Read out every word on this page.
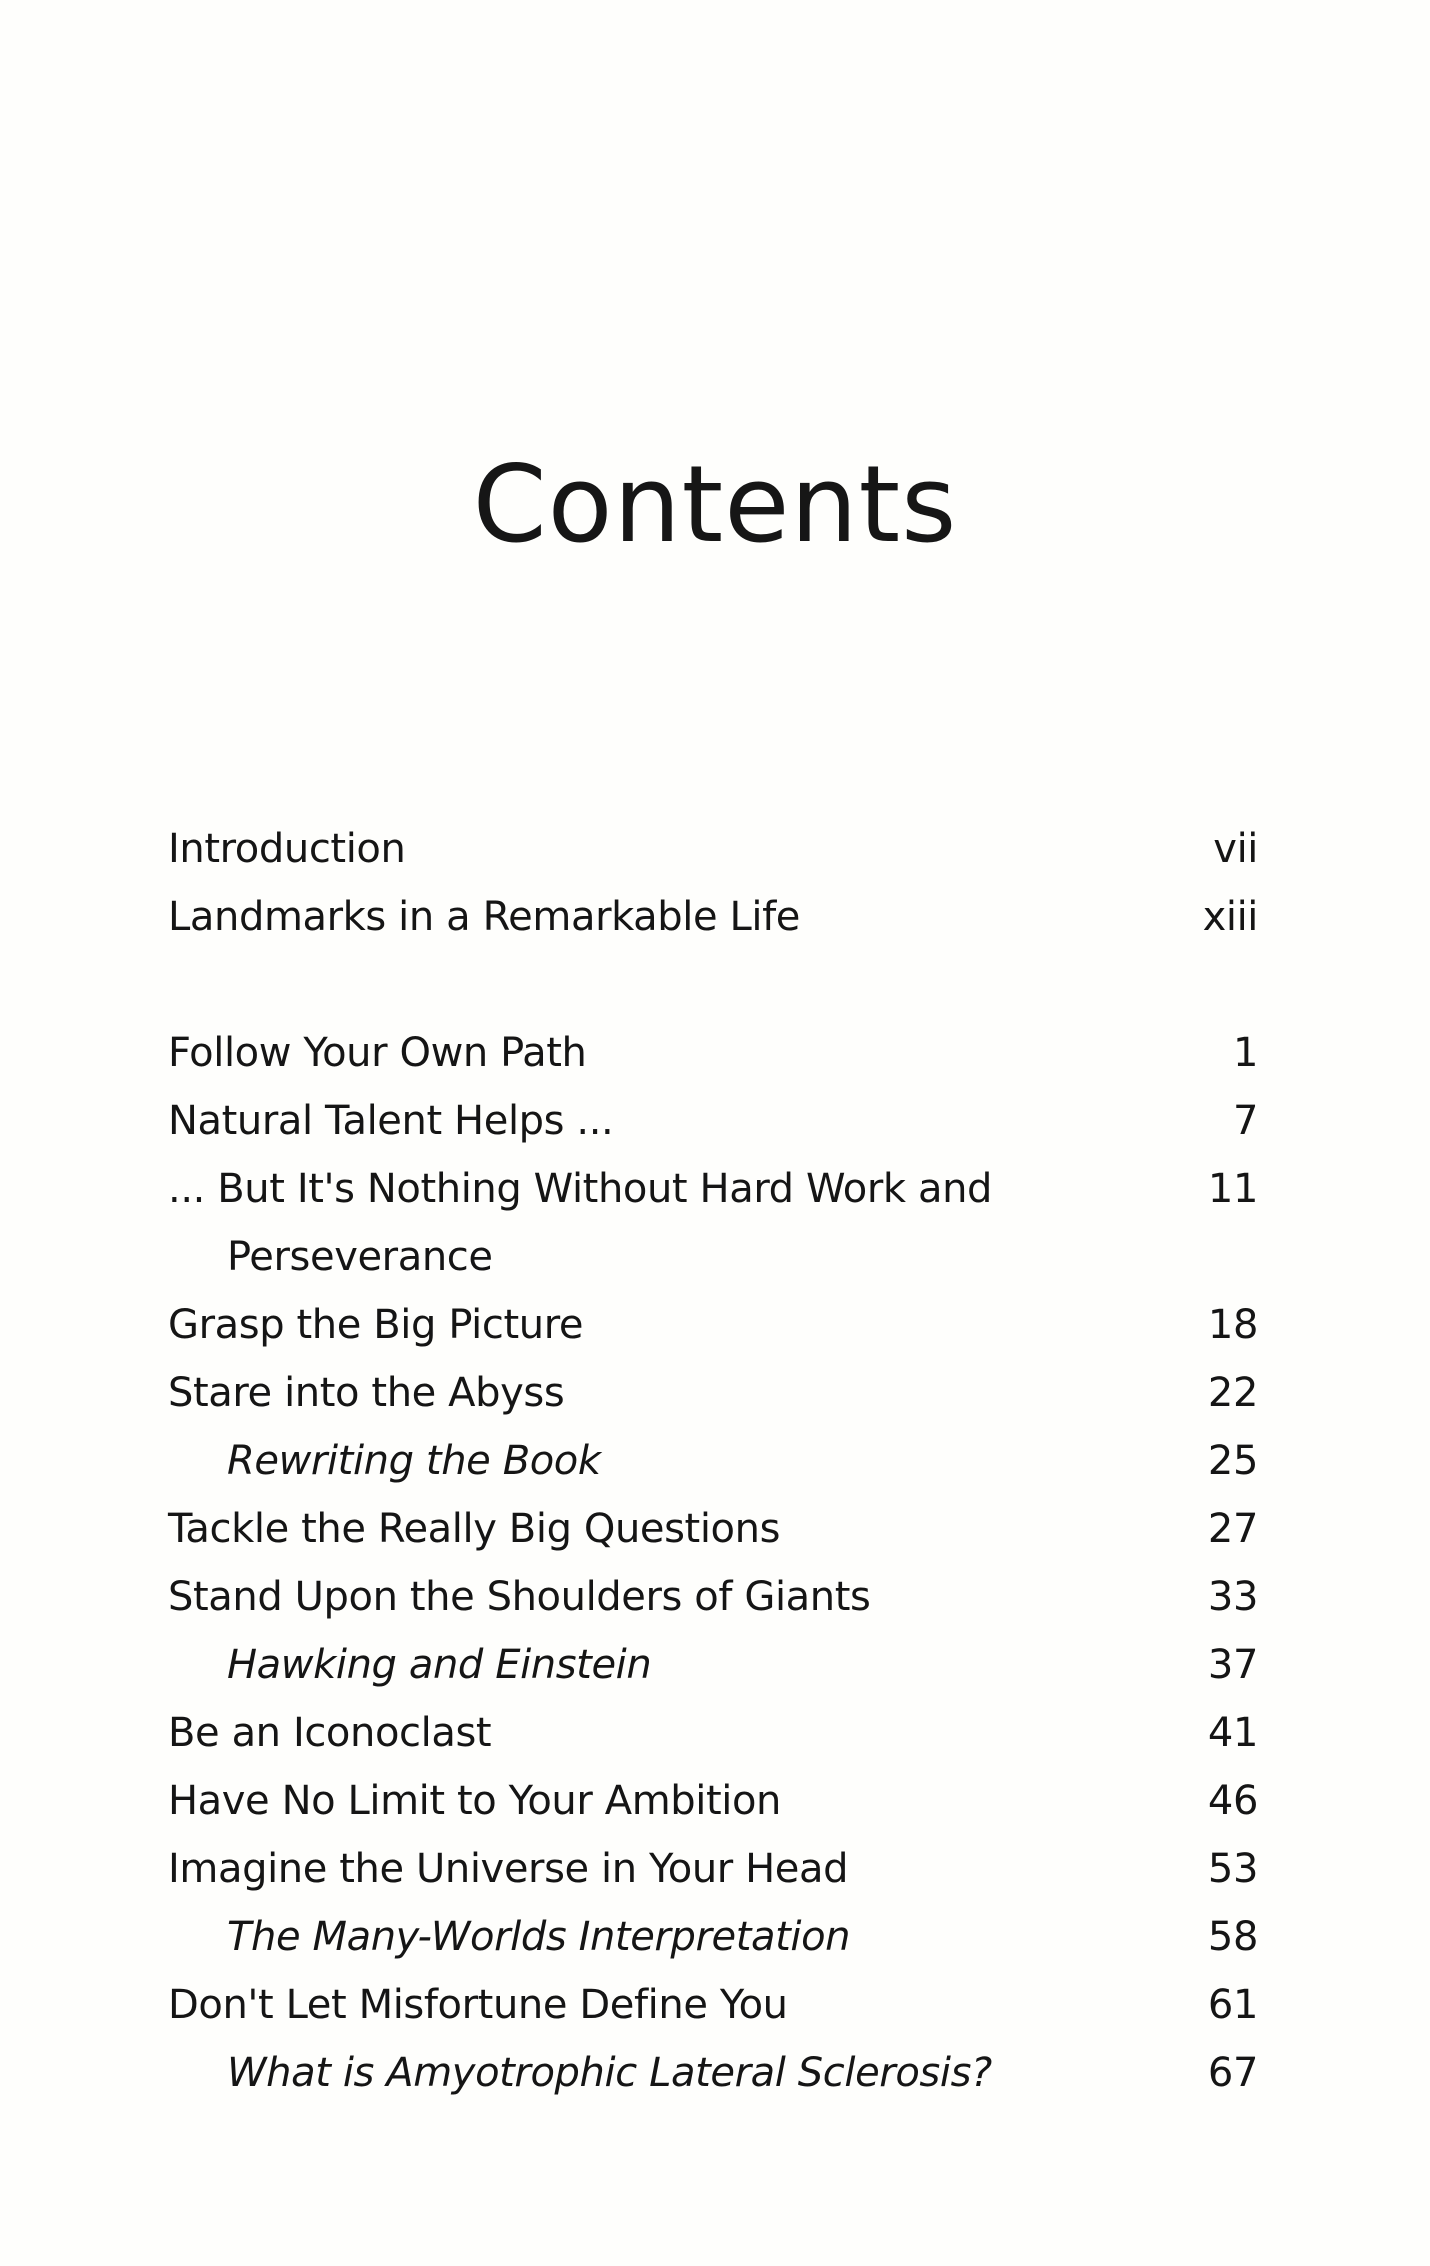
Contents
Introduction	vii
Landmarks in a Remarkable Life	xiii
Follow Your Own Path	1
Natural Talent Helps ...	7
... But It's Nothing Without Hard Work and	11
Perseverance
Grasp the Big Picture	18
Stare into the Abyss	22
Rewriting the Book	25
Tackle the Really Big Questions	27
Stand Upon the Shoulders of Giants	33
Hawking and Einstein	37
Be an Iconoclast	41
Have No Limit to Your Ambition	46
Imagine the Universe in Your Head	53
The Many-Worlds Interpretation	58
Don't Let Misfortune Define You	61
What is Amyotrophic Lateral Sclerosis?	67
